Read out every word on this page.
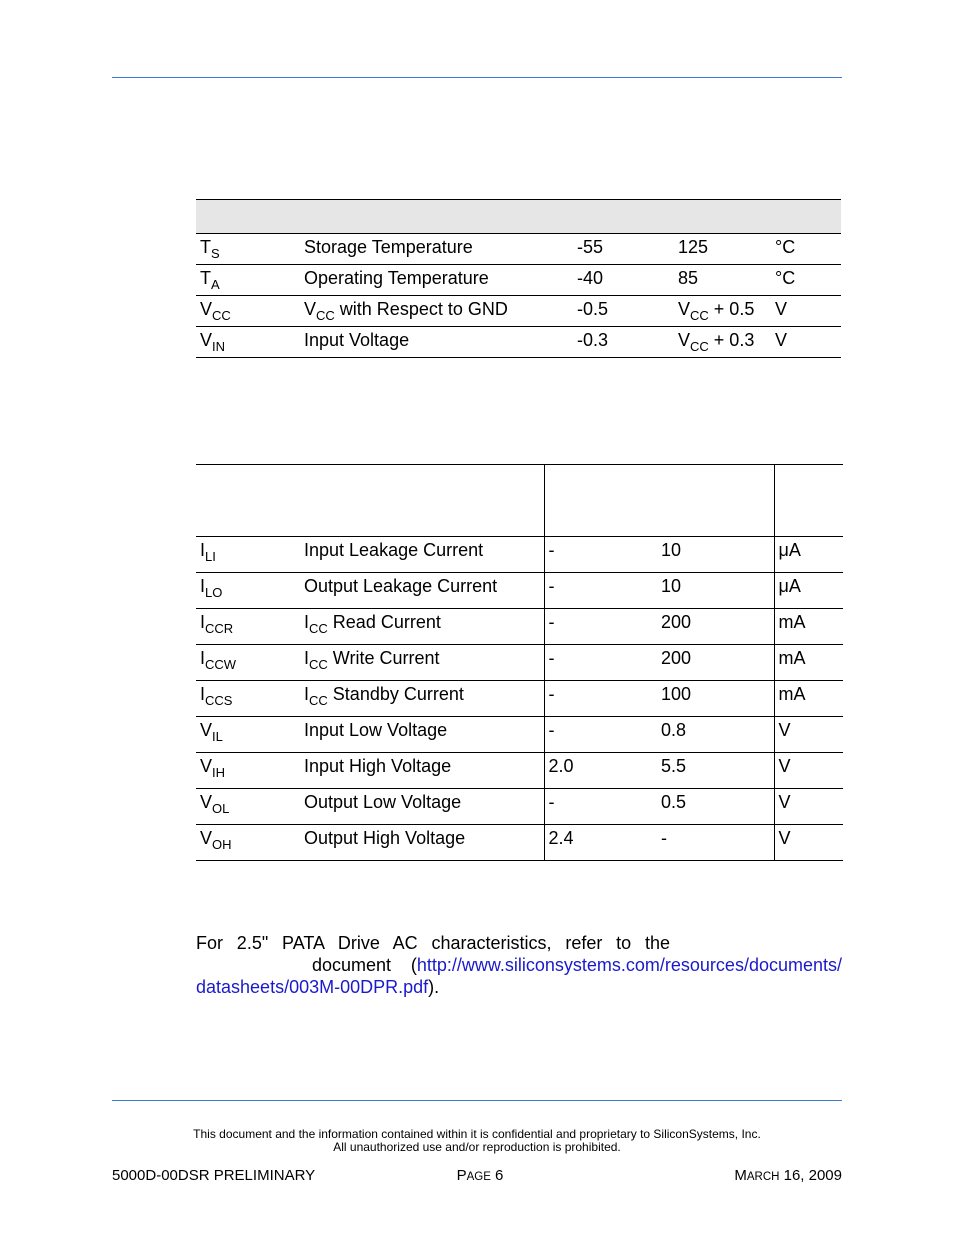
$T_S$	Storage Temperature	-55	125	°C
$T_A$	Operating Temperature	-40	85	°C
$V_{CC}$	$V_{CC}$ with Respect to GND	-0.5	$V_{CC} + 0.5$	V
$V_{IN}$	Input Voltage	-0.3	$V_{CC} + 0.3$	V

$I_{LI}$	Input Leakage Current	-	10	μA
$I_{LO}$	Output Leakage Current	-	10	μA
$I_{CCR}$	$I_{CC}$ Read Current	-	200	mA
$I_{CCW}$	$I_{CC}$ Write Current	-	200	mA
$I_{CCS}$	$I_{CC}$ Standby Current	-	100	mA
$V_{IL}$	Input Low Voltage	-	0.8	V
$V_{IH}$	Input High Voltage	2.0	5.5	V
$V_{OL}$	Output Low Voltage	-	0.5	V
$V_{OH}$	Output High Voltage	2.4	-	V
For 2.5" PATA Drive AC characteristics, refer to the
document (http://www.siliconsystems.com/resources/documents/
datasheets/003M-00DPR.pdf).
This document and the information contained within it is confidential and proprietary to SiliconSystems, Inc.
All unauthorized use and/or reproduction is prohibited.
5000D-00DSR PRELIMINARY	PAGE 6	MARCH 16, 2009
